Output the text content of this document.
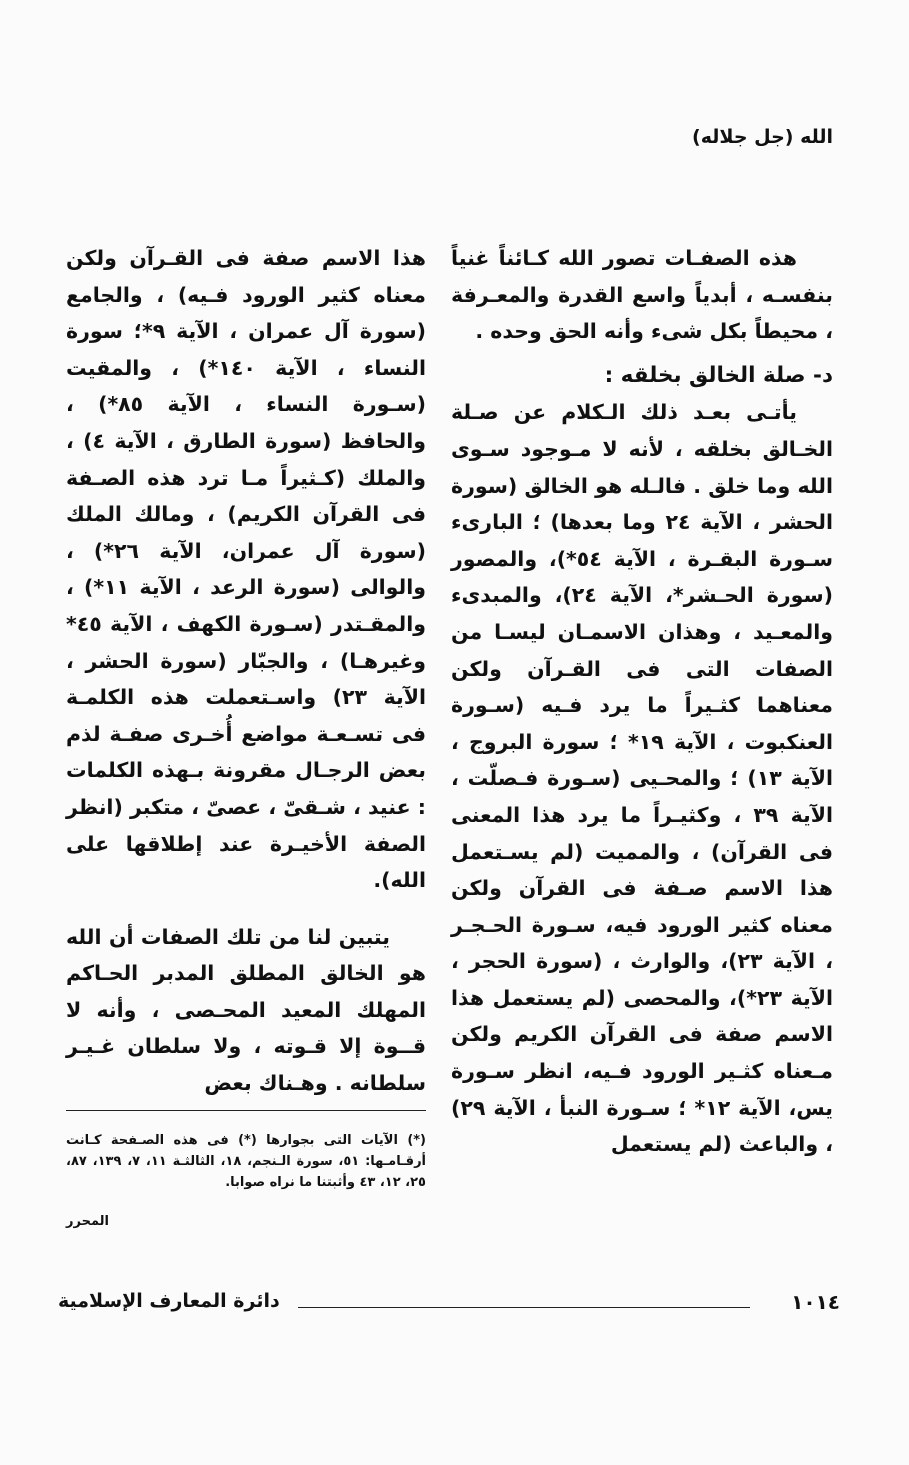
الله (جل جلاله)

هذه الصفـات تصور الله كـائناً غنياً بنفسـه ، أبدياً واسع القدرة والمعـرفة ، محيطاً بكل شىء وأنه الحق وحده .

د- صلة الخالق بخلقه :

يأتـى بعـد ذلك الـكلام عن صـلة الخـالق بخلقه ، لأنه لا مـوجود سـوى الله وما خلق . فالـله هو الخالق (سورة الحشر ، الآية ٢٤ وما بعدها) ؛ البارىء سـورة البقـرة ، الآية ٥٤*)، والمصور (سورة الحـشر*، الآية ٢٤)، والمبدىء والمعـيد ، وهذان الاسمـان ليسـا من الصفات التى فى القـرآن ولكن معناهما كثـيراً ما يرد فـيه (سـورة العنكبوت ، الآية ١٩* ؛ سورة البروج ، الآية ١٣) ؛ والمحـيى (سـورة فـصلّت ، الآية ٣٩ ، وكثيـراً ما يرد هذا المعنى فى القرآن) ، والمميت (لم يسـتعمل هذا الاسم صـفة فى القرآن ولكن معناه كثير الورود فيه، سـورة الحـجـر ، الآية ٢٣)، والوارث ، (سورة الحجر ، الآية ٢٣*)، والمحصى (لم يستعمل هذا الاسم صفة فى القرآن الكريم ولكن مـعناه كثـير الورود فـيه، انظر سـورة يس، الآية ١٢* ؛ سـورة النبأ ، الآية ٢٩) ، والباعث (لم يستعمل

هذا الاسم صفة فى القـرآن ولكن معناه كثير الورود فـيه) ، والجامع (سورة آل عمران ، الآية ٩*؛ سورة النساء ، الآية ١٤٠*) ، والمقيت (سـورة النساء ، الآية ٨٥*) ، والحافظ (سورة الطارق ، الآية ٤) ، والملك (كـثيراً مـا ترد هذه الصـفة فى القرآن الكريم) ، ومالك الملك (سورة آل عمران، الآية ٢٦*) ، والوالى (سورة الرعد ، الآية ١١*) ، والمقـتدر (سـورة الكهف ، الآية ٤٥* وغيرهـا) ، والجبّار (سورة الحشر ، الآية ٢٣) واسـتعملت هذه الكلمـة فى تسـعـة مواضع أُخـرى صفـة لذم بعض الرجـال مقرونة بـهذه الكلمات : عنيد ، شـقىّ ، عصىّ ، متكبر (انظر الصفة الأخيـرة عند إطلاقها على الله).

يتبين لنا من تلك الصفات أن الله هو الخالق المطلق المدبر الحـاكم المهلك المعيد المحـصى ، وأنه لا قــوة إلا قـوته ، ولا سلطان غـيـر سلطانه . وهـناك بعض

(*) الآيات التى بجوارها (*) فى هذه الصـفحة كـانت أرقـامـها: ٥١، سورة الـنجم، ١٨، الثالثـة ١١، ٧، ١٣٩، ٨٧، ٢٥، ١٢، ٤٣ وأثبتنا ما نراه صوابا.

المحرر

دائرة المعارف الإسلامية	١٠١٤
